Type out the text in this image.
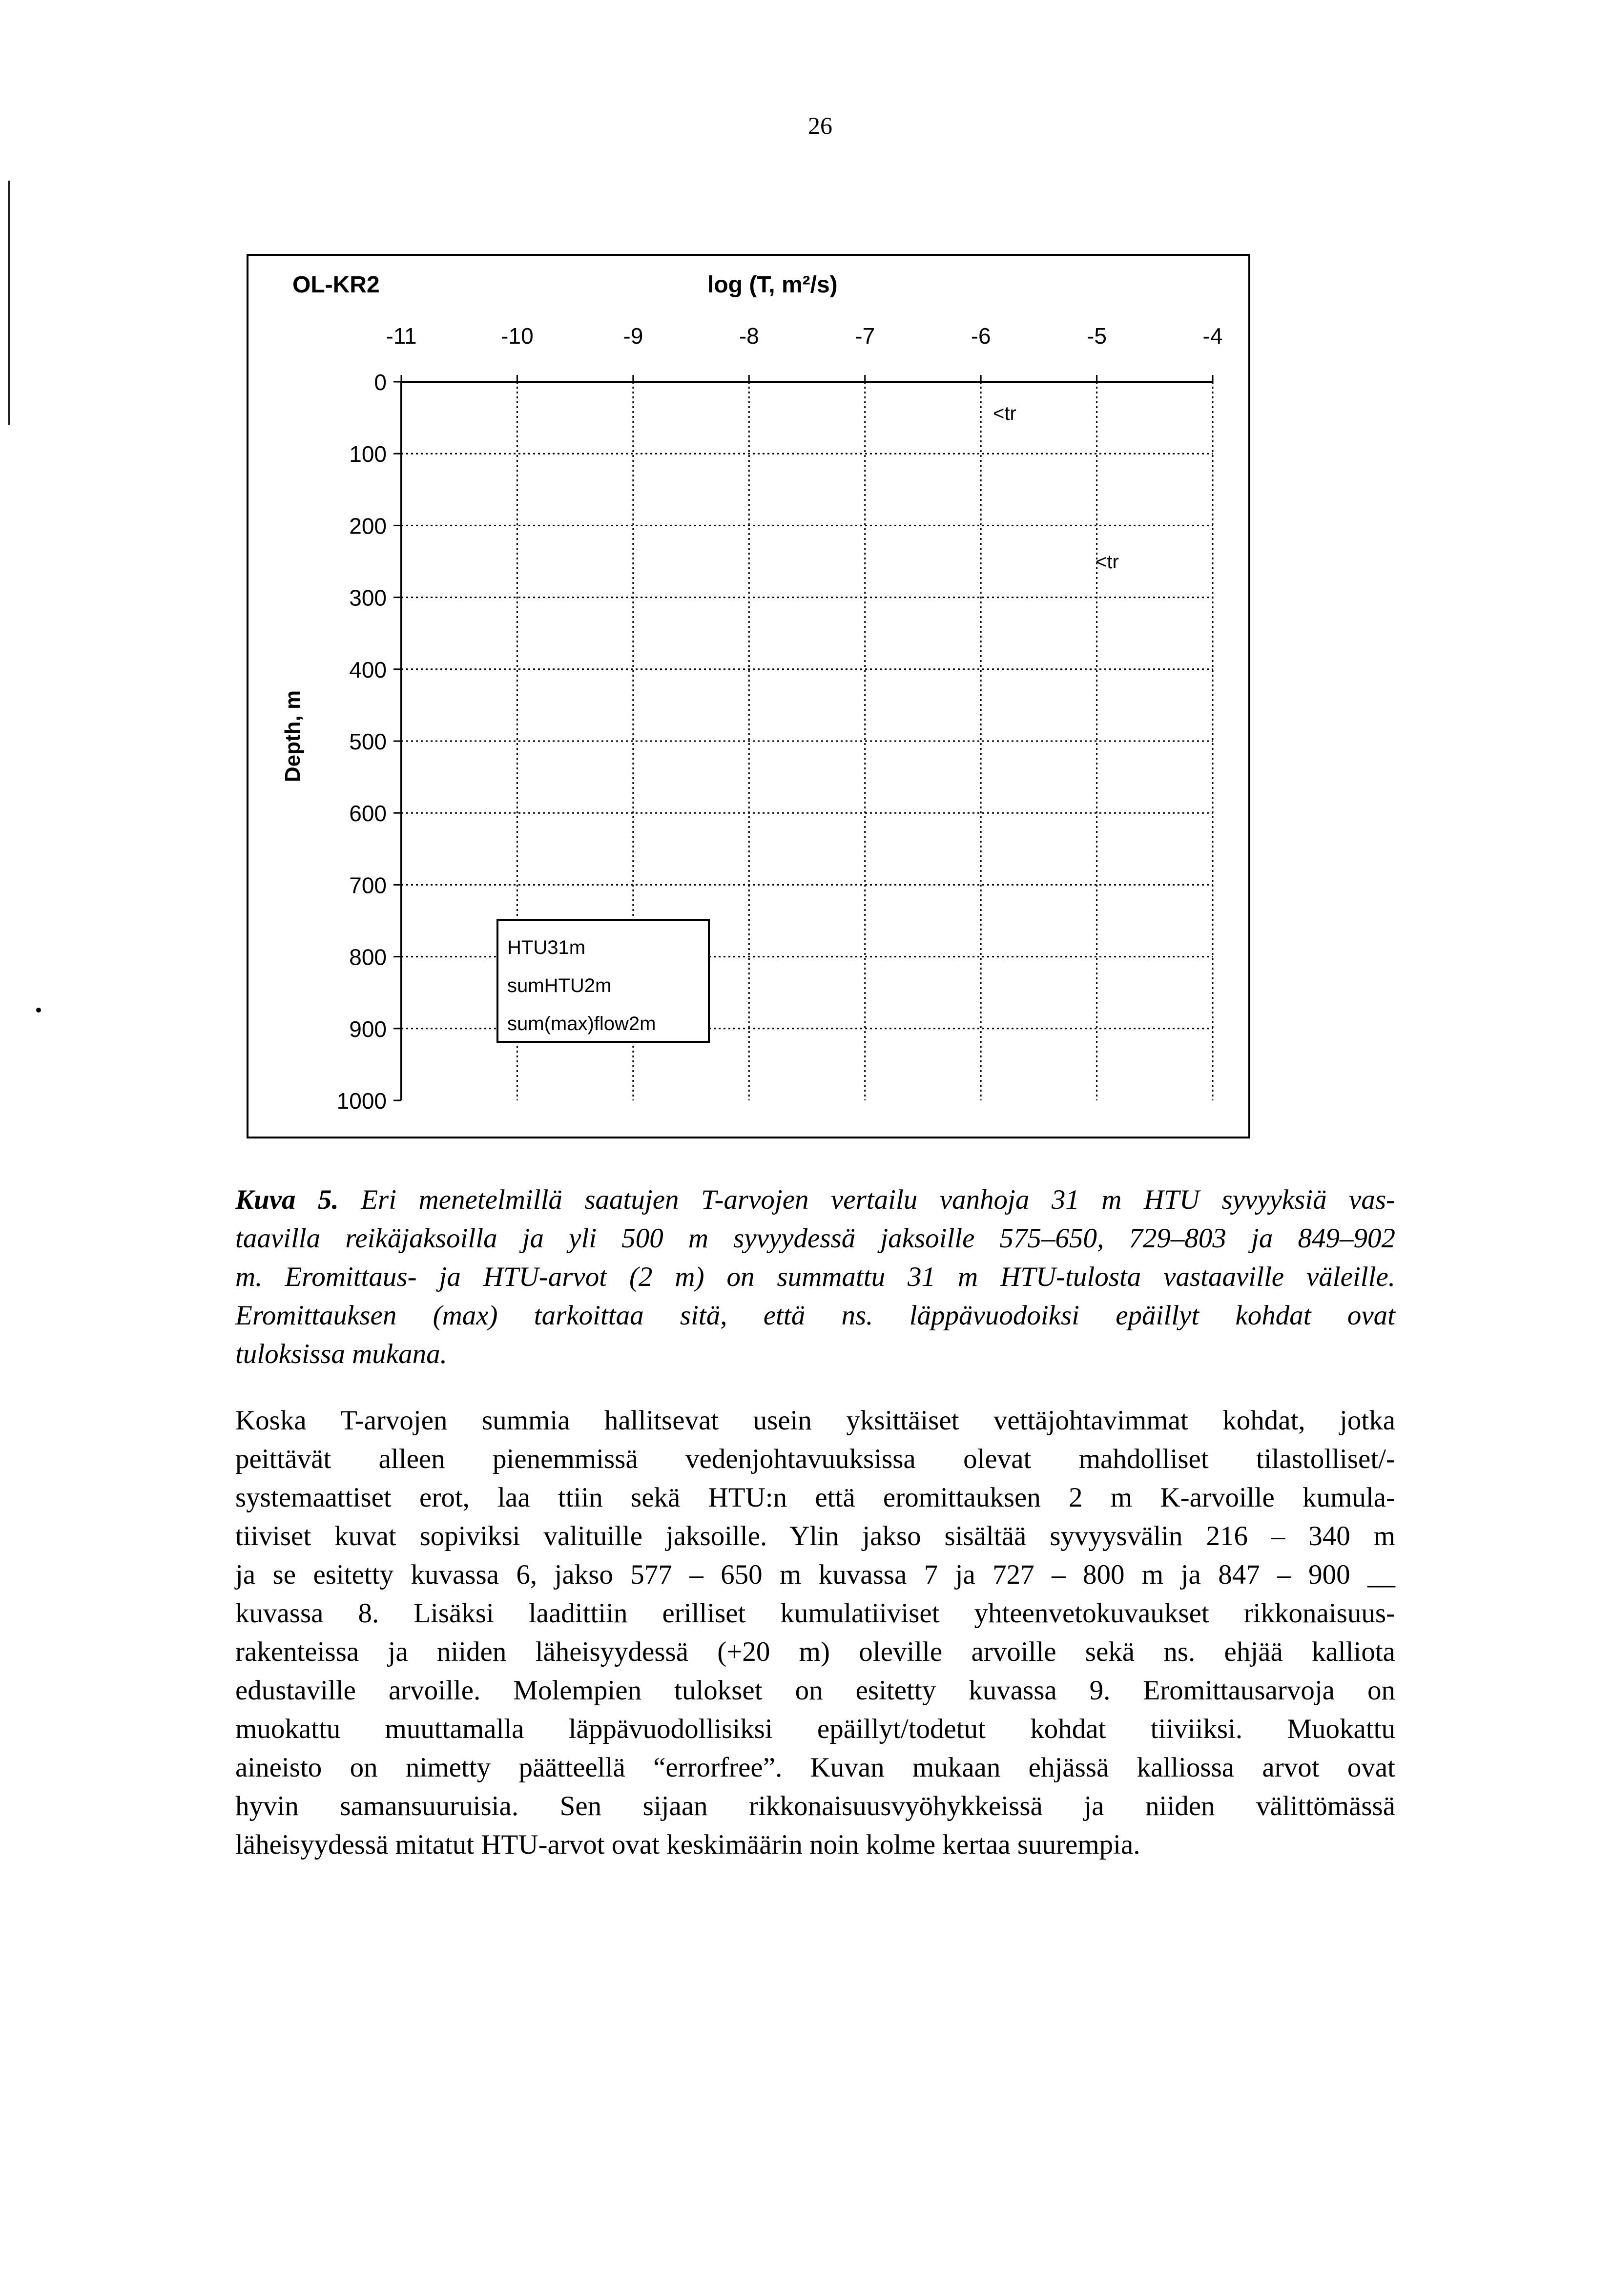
26
OL-KR2	log (T, m²/s)
Depth, m
-11	-10	-9	-8	-7	-6	-5	-4
0
100
200
300
400
500
600
700
800
900
1000
HTU31m
sumHTU2m
sum(max)flow2m
<tr
<tr
Kuva 5. Eri menetelmillä saatujen T-arvojen vertailu vanhoja 31 m HTU syvyyksiä vas-
taavilla reikäjaksoilla ja yli 500 m syvyydessä jaksoille 575–650, 729–803 ja 849–902
m. Eromittaus- ja HTU-arvot (2 m) on summattu 31 m HTU-tulosta vastaaville väleille.
Eromittauksen (max) tarkoittaa sitä, että ns. läppävuodoiksi epäillyt kohdat ovat
tuloksissa mukana.
Koska T-arvojen summia hallitsevat usein yksittäiset vettäjohtavimmat kohdat, jotka
peittävät alleen pienemmissä vedenjohtavuuksissa olevat mahdolliset tilastolliset/-
systemaattiset erot, laa ttiin sekä HTU:n että eromittauksen 2 m K-arvoille kumula-
tiiviset kuvat sopiviksi valituille jaksoille. Ylin jakso sisältää syvyysvälin 216 – 340 m
ja se esitetty kuvassa 6, jakso 577 – 650 m kuvassa 7 ja 727 – 800 m ja 847 – 900 __
kuvassa 8. Lisäksi laadittiin erilliset kumulatiiviset yhteenvetokuvaukset rikkonaisuus-
rakenteissa ja niiden läheisyydessä (+20 m) oleville arvoille sekä ns. ehjää kalliota
edustaville arvoille. Molempien tulokset on esitetty kuvassa 9. Eromittausarvoja on
muokattu muuttamalla läppävuodollisiksi epäillyt/todetut kohdat tiiviiksi. Muokattu
aineisto on nimetty päätteellä “errorfree”. Kuvan mukaan ehjässä kalliossa arvot ovat
hyvin samansuuruisia. Sen sijaan rikkonaisuusvyöhykkeissä ja niiden välittömässä
läheisyydessä mitatut HTU-arvot ovat keskimäärin noin kolme kertaa suurempia.
